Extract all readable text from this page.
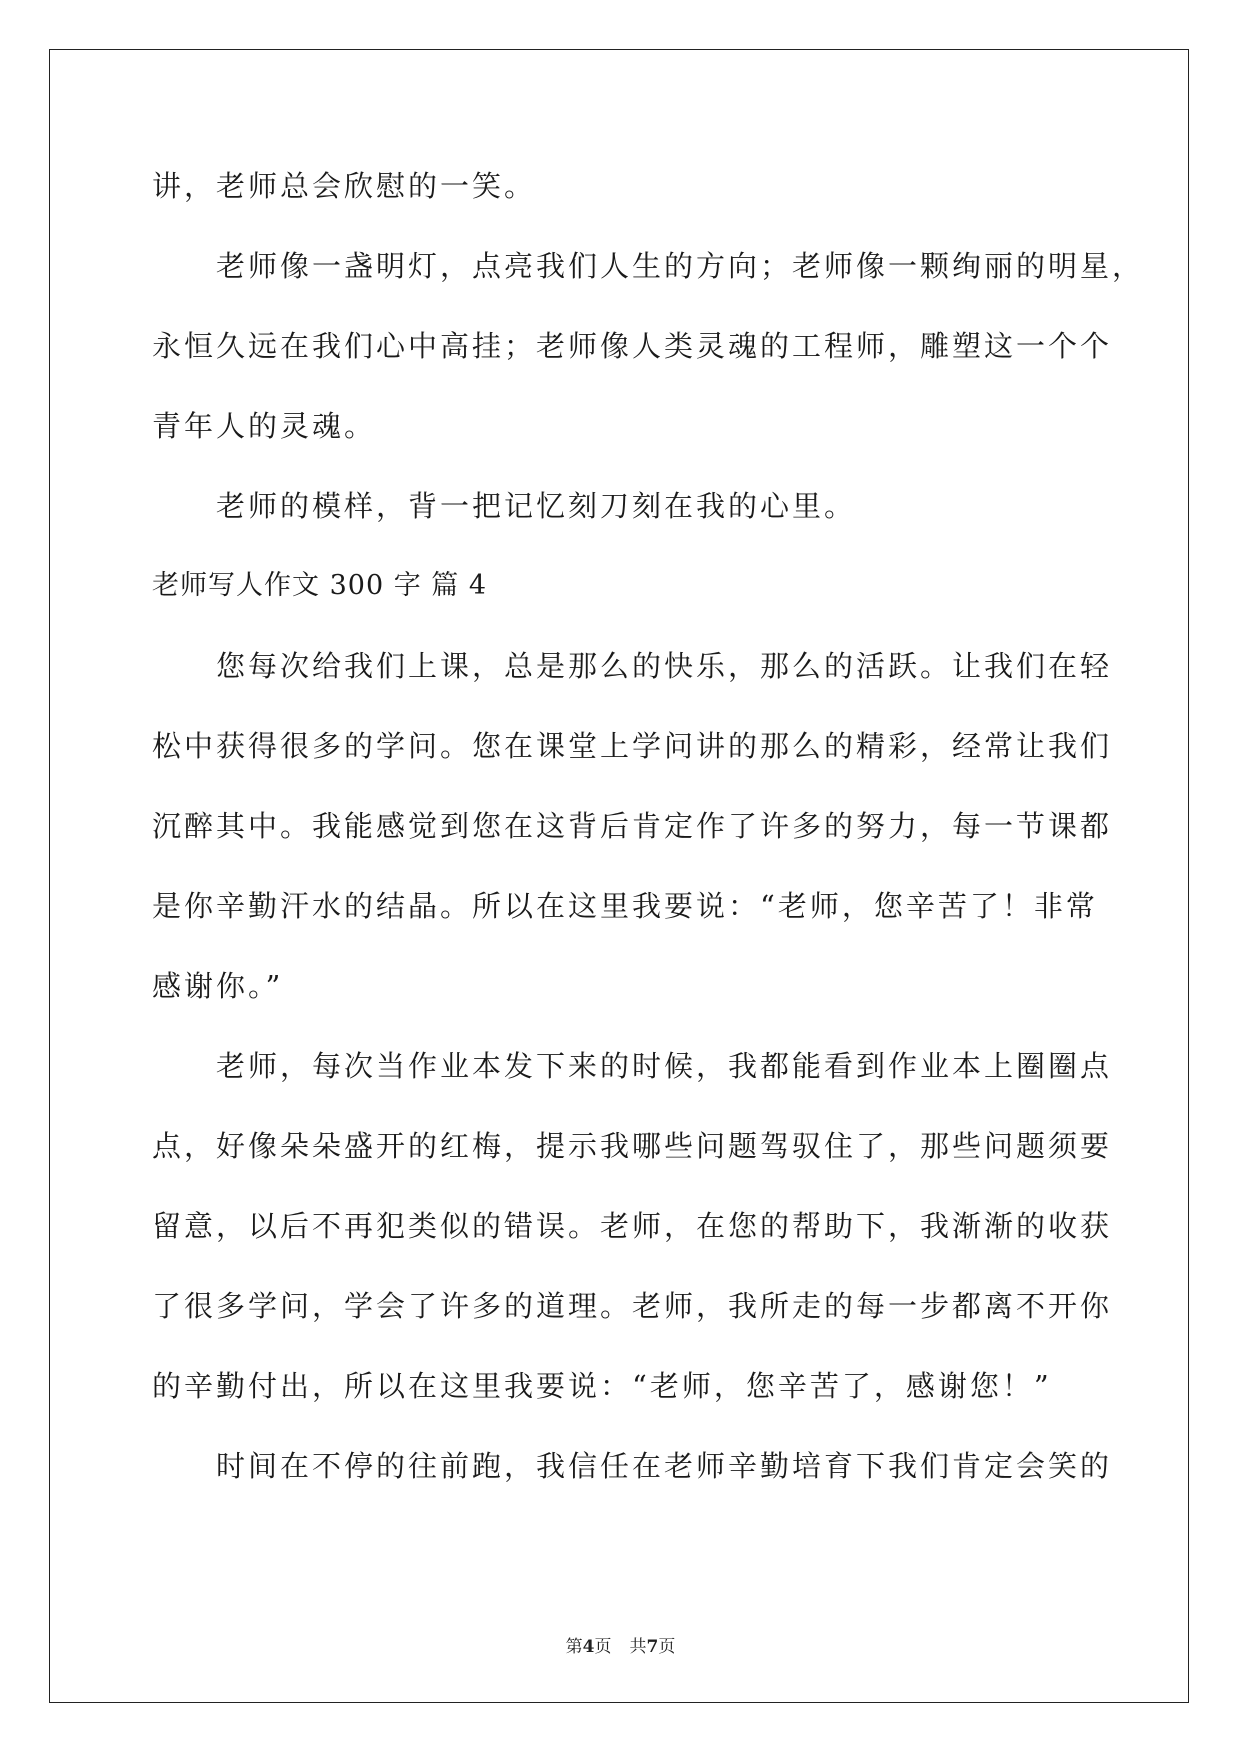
讲，老师总会欣慰的一笑。
老师像一盏明灯，点亮我们人生的方向；老师像一颗绚丽的明星，
永恒久远在我们心中高挂；老师像人类灵魂的工程师，雕塑这一个个
青年人的灵魂。
老师的模样，背一把记忆刻刀刻在我的心里。
老师写人作文 300 字 篇 4
您每次给我们上课，总是那么的快乐，那么的活跃。让我们在轻
松中获得很多的学问。您在课堂上学问讲的那么的精彩，经常让我们
沉醉其中。我能感觉到您在这背后肯定作了许多的努力，每一节课都
是你辛勤汗水的结晶。所以在这里我要说：“老师，您辛苦了！非常
感谢你。”
老师，每次当作业本发下来的时候，我都能看到作业本上圈圈点
点，好像朵朵盛开的红梅，提示我哪些问题驾驭住了，那些问题须要
留意，以后不再犯类似的错误。老师，在您的帮助下，我渐渐的收获
了很多学问，学会了许多的道理。老师，我所走的每一步都离不开你
的辛勤付出，所以在这里我要说：“老师，您辛苦了，感谢您！”
时间在不停的往前跑，我信任在老师辛勤培育下我们肯定会笑的
第4页 共7页
